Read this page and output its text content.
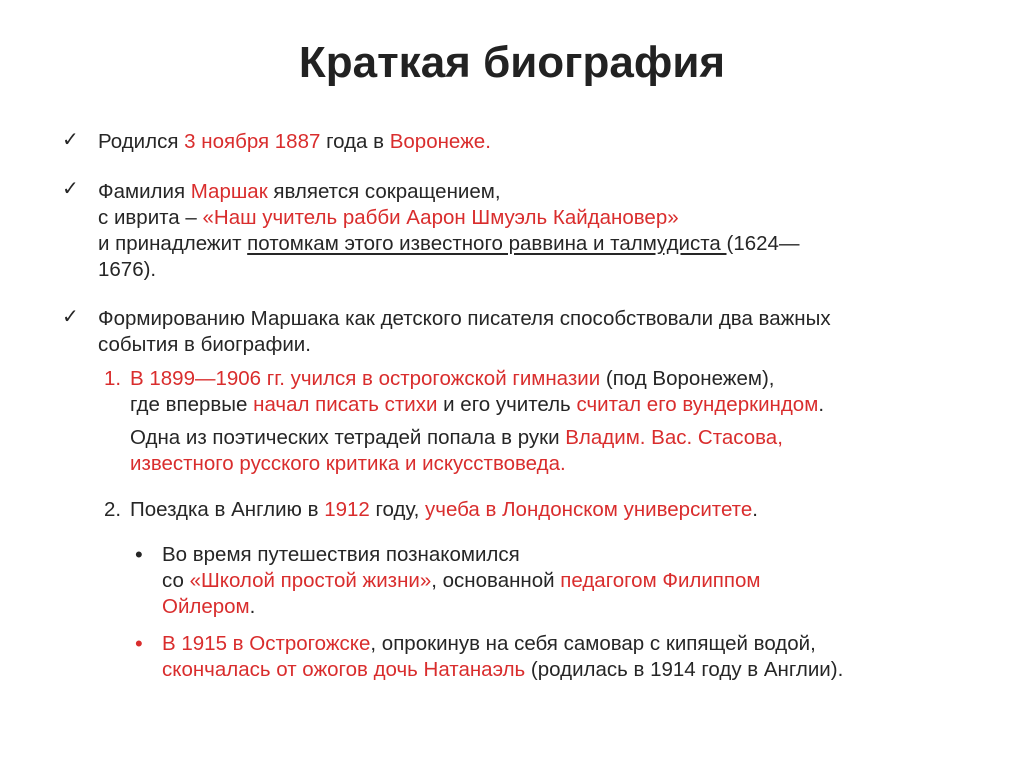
Краткая биография
✓ Родился 3 ноября 1887 года в Воронеже.
✓ Фамилия Маршак является сокращением,
с иврита – «Наш учитель рабби Аарон Шмуэль Кайдановер»
и принадлежит потомкам этого известного раввина и талмудиста (1624—
1676).
✓ Формированию Маршака как детского писателя способствовали два важных
события в биографии.
1. В 1899—1906 гг. учился в острогожской гимназии (под Воронежем),
где впервые начал писать стихи и его учитель считал его вундеркиндом.
Одна из поэтических тетрадей попала в руки Владим. Вас. Стасова,
известного русского критика и искусствоведа.
2. Поездка в Англию в 1912 году, учеба в Лондонском университете.
• Во время путешествия познакомился
со «Школой простой жизни», основанной педагогом Филиппом
Ойлером.
• В 1915 в Острогожске, опрокинув на себя самовар с кипящей водой,
скончалась от ожогов дочь Натанаэль (родилась в 1914 году в Англии).
